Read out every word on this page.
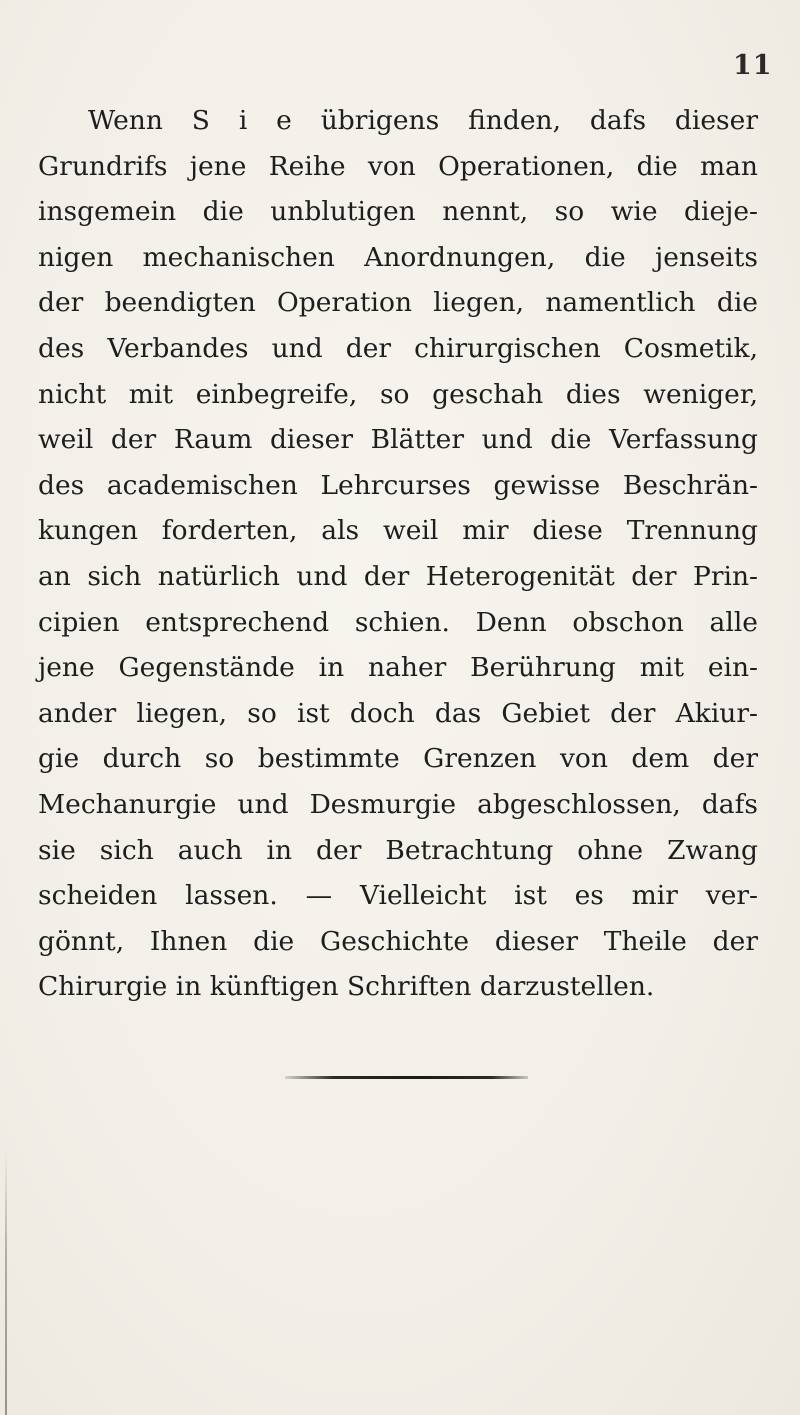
11
Wenn S i e übrigens finden, dafs dieser
Grundrifs jene Reihe von Operationen, die man
insgemein die unblutigen nennt, so wie dieje-
nigen mechanischen Anordnungen, die jenseits
der beendigten Operation liegen, namentlich die
des Verbandes und der chirurgischen Cosmetik,
nicht mit einbegreife, so geschah dies weniger,
weil der Raum dieser Blätter und die Verfassung
des academischen Lehrcurses gewisse Beschrän-
kungen forderten, als weil mir diese Trennung
an sich natürlich und der Heterogenität der Prin-
cipien entsprechend schien. Denn obschon alle
jene Gegenstände in naher Berührung mit ein-
ander liegen, so ist doch das Gebiet der Akiur-
gie durch so bestimmte Grenzen von dem der
Mechanurgie und Desmurgie abgeschlossen, dafs
sie sich auch in der Betrachtung ohne Zwang
scheiden lassen. — Vielleicht ist es mir ver-
gönnt, Ihnen die Geschichte dieser Theile der
Chirurgie in künftigen Schriften darzustellen.
